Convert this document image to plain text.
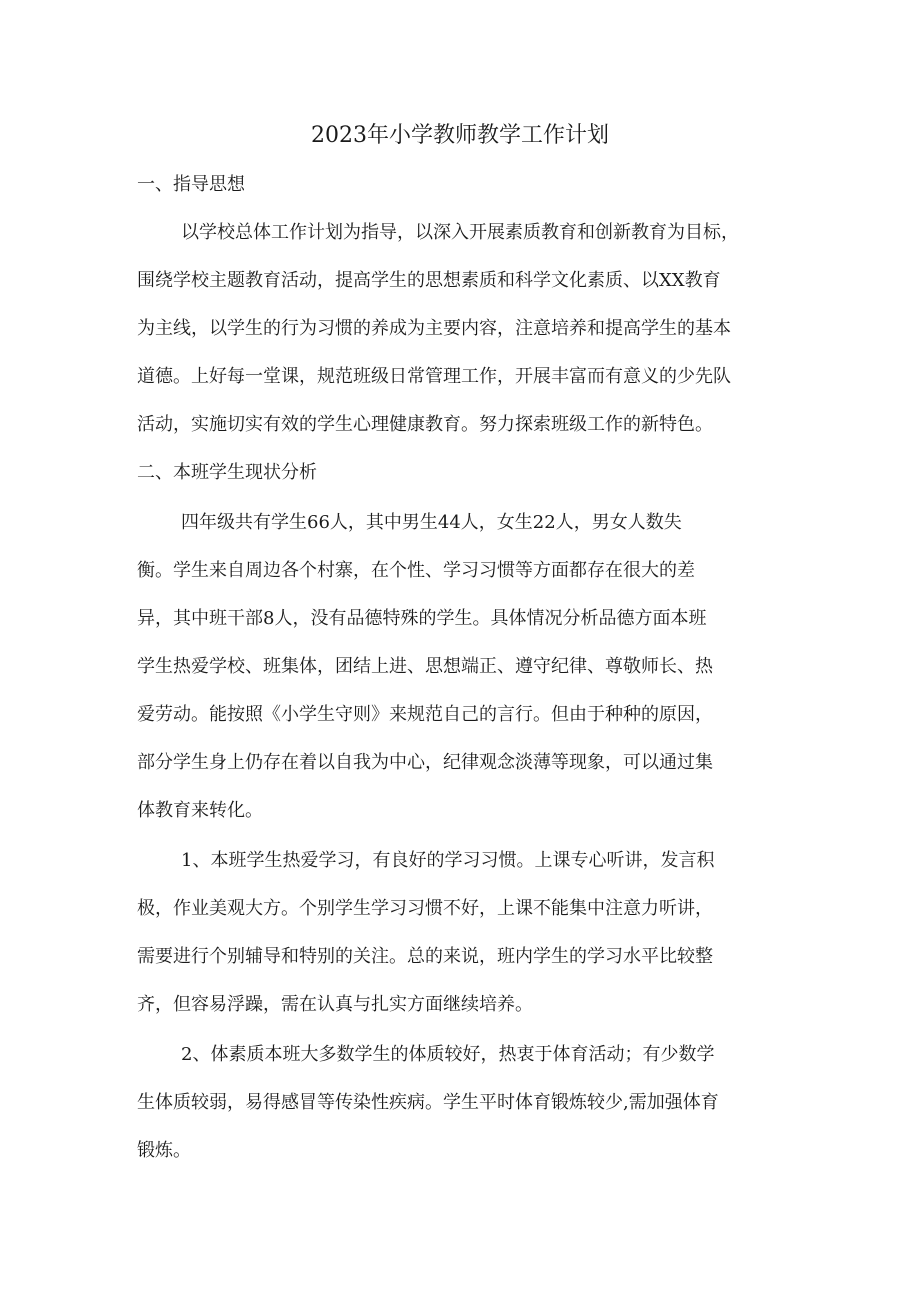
2023年小学教师教学工作计划
一、指导思想

以学校总体工作计划为指导，以深入开展素质教育和创新教育为目标，

围绕学校主题教育活动，提高学生的思想素质和科学文化素质、以XX教育

为主线，以学生的行为习惯的养成为主要内容，注意培养和提高学生的基本

道德。上好每一堂课，规范班级日常管理工作，开展丰富而有意义的少先队

活动，实施切实有效的学生心理健康教育。努力探索班级工作的新特色。

二、本班学生现状分析

四年级共有学生66人，其中男生44人，女生22人，男女人数失

衡。学生来自周边各个村寨，在个性、学习习惯等方面都存在很大的差

异，其中班干部8人，没有品德特殊的学生。具体情况分析品德方面本班

学生热爱学校、班集体，团结上进、思想端正、遵守纪律、尊敬师长、热

爱劳动。能按照《小学生守则》来规范自己的言行。但由于种种的原因，

部分学生身上仍存在着以自我为中心，纪律观念淡薄等现象，可以通过集

体教育来转化。

1、本班学生热爱学习，有良好的学习习惯。上课专心听讲，发言积

极，作业美观大方。个别学生学习习惯不好，上课不能集中注意力听讲，

需要进行个别辅导和特别的关注。总的来说，班内学生的学习水平比较整

齐，但容易浮躁，需在认真与扎实方面继续培养。

2、体素质本班大多数学生的体质较好，热衷于体育活动；有少数学

生体质较弱，易得感冒等传染性疾病。学生平时体育锻炼较少,需加强体育

锻炼。
